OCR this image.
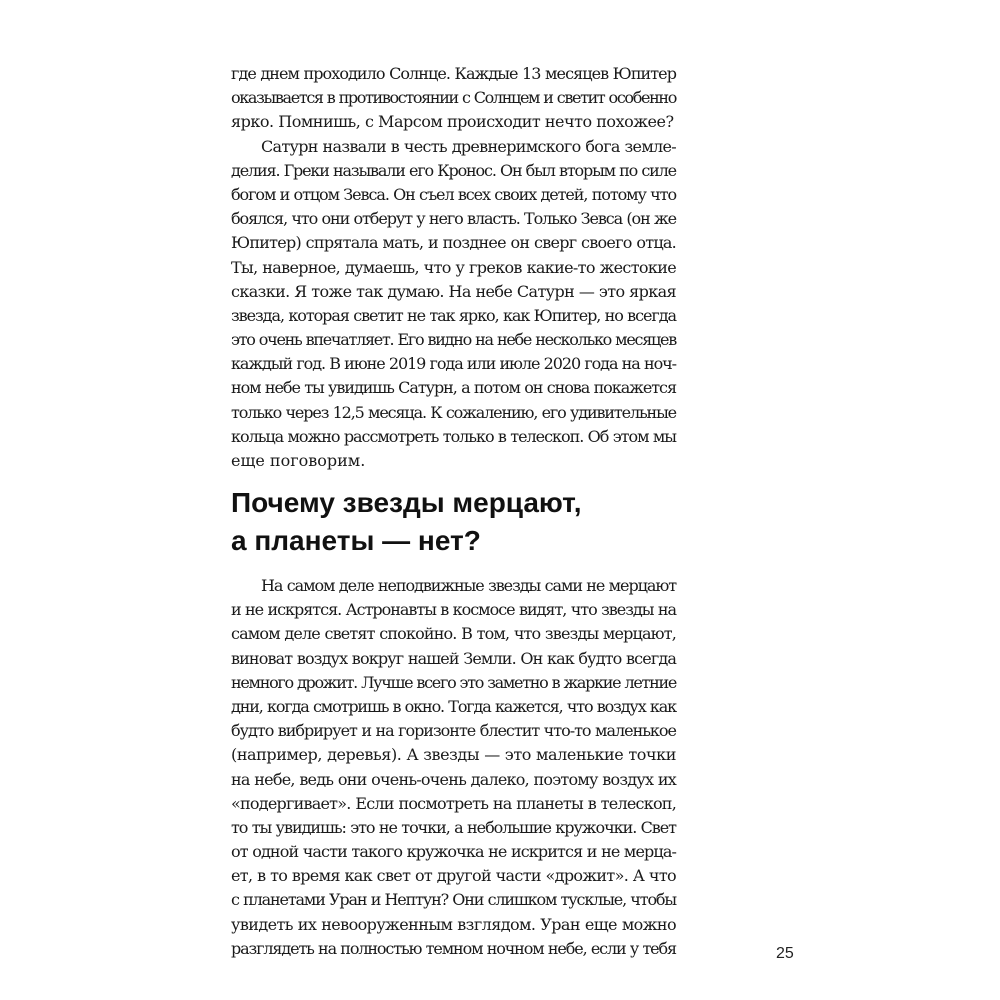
где днем проходило Солнце. Каждые 13 месяцев Юпитер
оказывается в противостоянии с Солнцем и светит особенно
ярко. Помнишь, с Марсом происходит нечто похожее?
Сатурн назвали в честь древнеримского бога земле-
делия. Греки называли его Кронос. Он был вторым по силе
богом и отцом Зевса. Он съел всех своих детей, потому что
боялся, что они отберут у него власть. Только Зевса (он же
Юпитер) спрятала мать, и позднее он сверг своего отца.
Ты, наверное, думаешь, что у греков какие-то жестокие
сказки. Я тоже так думаю. На небе Сатурн — это яркая
звезда, которая светит не так ярко, как Юпитер, но всегда
это очень впечатляет. Его видно на небе несколько месяцев
каждый год. В июне 2019 года или июле 2020 года на ноч-
ном небе ты увидишь Сатурн, а потом он снова покажется
только через 12,5 месяца. К сожалению, его удивительные
кольца можно рассмотреть только в телескоп. Об этом мы
еще поговорим.
Почему звезды мерцают,
а планеты — нет?
На самом деле неподвижные звезды сами не мерцают
и не искрятся. Астронавты в космосе видят, что звезды на
самом деле светят спокойно. В том, что звезды мерцают,
виноват воздух вокруг нашей Земли. Он как будто всегда
немного дрожит. Лучше всего это заметно в жаркие летние
дни, когда смотришь в окно. Тогда кажется, что воздух как
будто вибрирует и на горизонте блестит что-то маленькое
(например, деревья). А звезды — это маленькие точки
на небе, ведь они очень-очень далеко, поэтому воздух их
«подергивает». Если посмотреть на планеты в телескоп,
то ты увидишь: это не точки, а небольшие кружочки. Свет
от одной части такого кружочка не искрится и не мерца-
ет, в то время как свет от другой части «дрожит». А что
с планетами Уран и Нептун? Они слишком тусклые, чтобы
увидеть их невооруженным взглядом. Уран еще можно
разглядеть на полностью темном ночном небе, если у тебя	25
